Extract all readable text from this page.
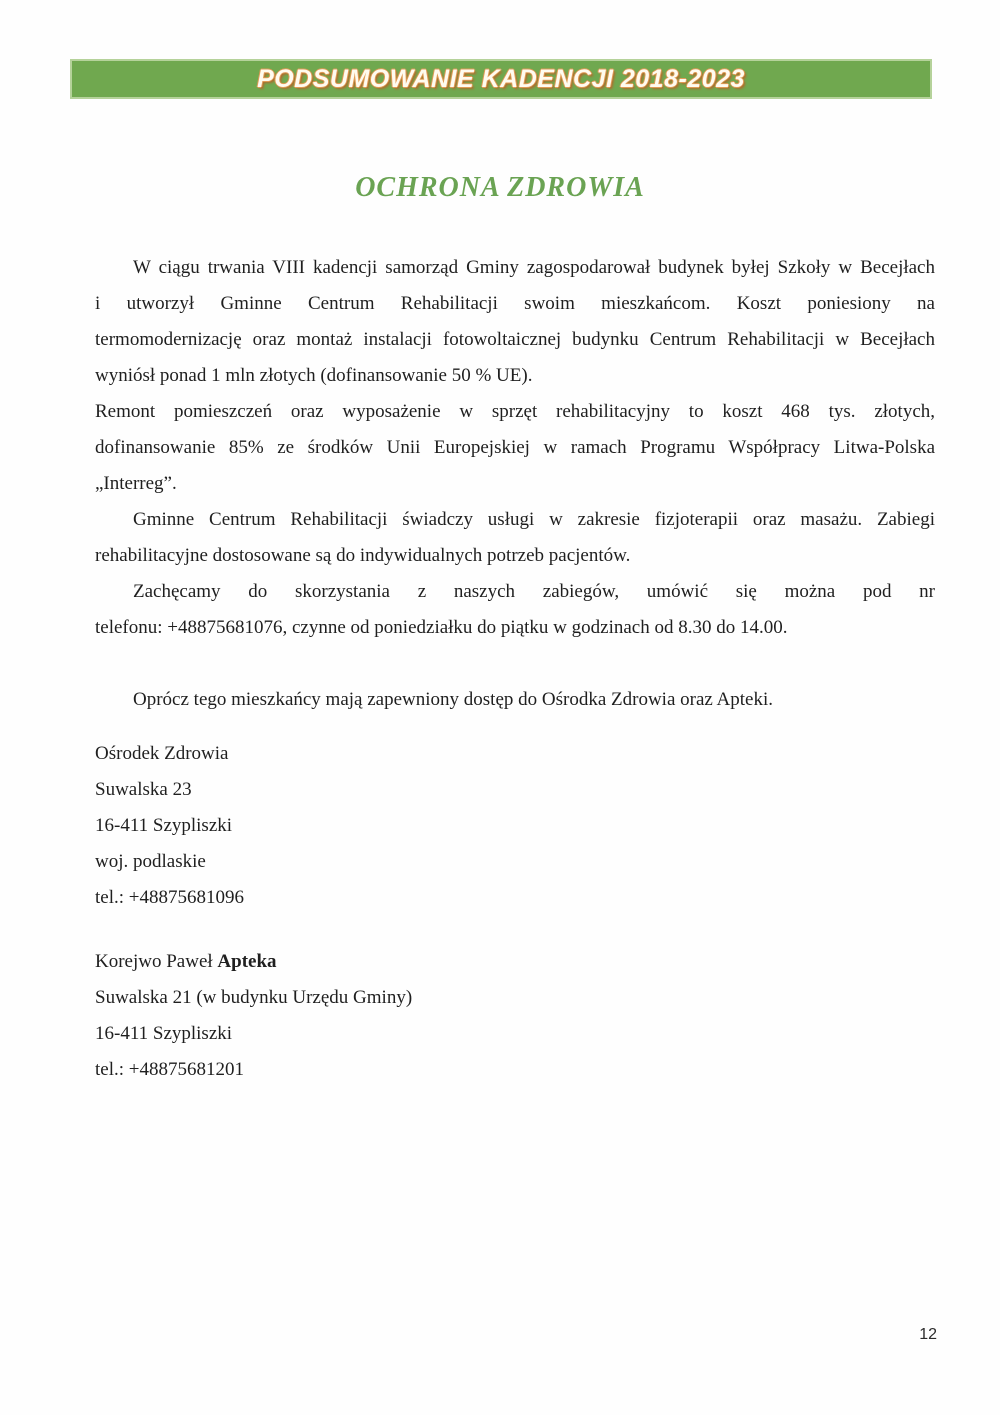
PODSUMOWANIE KADENCJI 2018-2023
OCHRONA ZDROWIA
W ciągu trwania VIII kadencji samorząd Gminy zagospodarował budynek byłej Szkoły w Becejłach
i utworzył Gminne Centrum Rehabilitacji swoim mieszkańcom. Koszt poniesiony na
termomodernizację oraz montaż instalacji fotowoltaicznej budynku Centrum Rehabilitacji w Becejłach
wyniósł ponad 1 mln złotych (dofinansowanie 50 % UE).
Remont pomieszczeń oraz wyposażenie w sprzęt rehabilitacyjny to koszt 468 tys. złotych,
dofinansowanie 85% ze środków Unii Europejskiej w ramach Programu Współpracy Litwa-Polska
„Interreg”.
Gminne Centrum Rehabilitacji świadczy usługi w zakresie fizjoterapii oraz masażu. Zabiegi
rehabilitacyjne dostosowane są do indywidualnych potrzeb pacjentów.
Zachęcamy do skorzystania z naszych zabiegów, umówić się można pod nr
telefonu: +48875681076, czynne od poniedziałku do piątku w godzinach od 8.30 do 14.00.
Oprócz tego mieszkańcy mają zapewniony dostęp do Ośrodka Zdrowia oraz Apteki.
Ośrodek Zdrowia
Suwalska 23
16-411 Szypliszki
woj. podlaskie
tel.: +48875681096
Korejwo Paweł Apteka
Suwalska 21 (w budynku Urzędu Gminy)
16-411 Szypliszki
tel.: +48875681201
12
